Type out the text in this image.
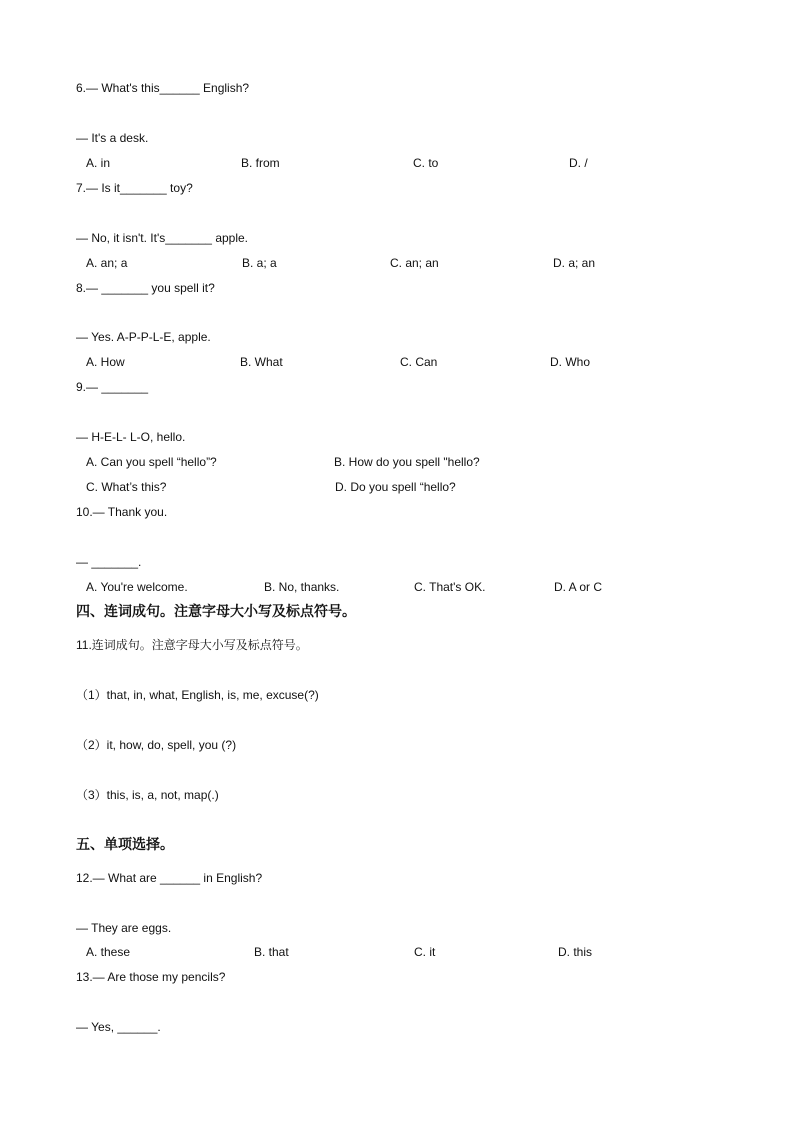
6.— What's this______ English?
— It's a desk.
A. in	B. from	C. to	D. /
7.— Is it_______ toy?
— No, it isn't. It's_______ apple.
A. an; a	B. a; a	C. an; an	D. a; an
8.— _______ you spell it?
— Yes. A-P-P-L-E, apple.
A. How	B. What	C. Can	D. Who
9.— _______
— H-E-L- L-O, hello.
A. Can you spell “hello”?	B. How do you spell "hello?
C. What’s this?	D. Do you spell “hello?
10.— Thank you.
— _______.
A. You're welcome.	B. No, thanks.	C. That's OK.	D. A or C
四、连词成句。注意字母大小写及标点符号。
11.连词成句。注意字母大小写及标点符号。
（1）that, in, what, English, is, me, excuse(?)
（2）it, how, do, spell, you (?)
（3）this, is, a, not, map(.)
五、单项选择。
12.— What are ______ in English?
— They are eggs.
A. these	B. that	C. it	D. this
13.— Are those my pencils?
— Yes, ______.
